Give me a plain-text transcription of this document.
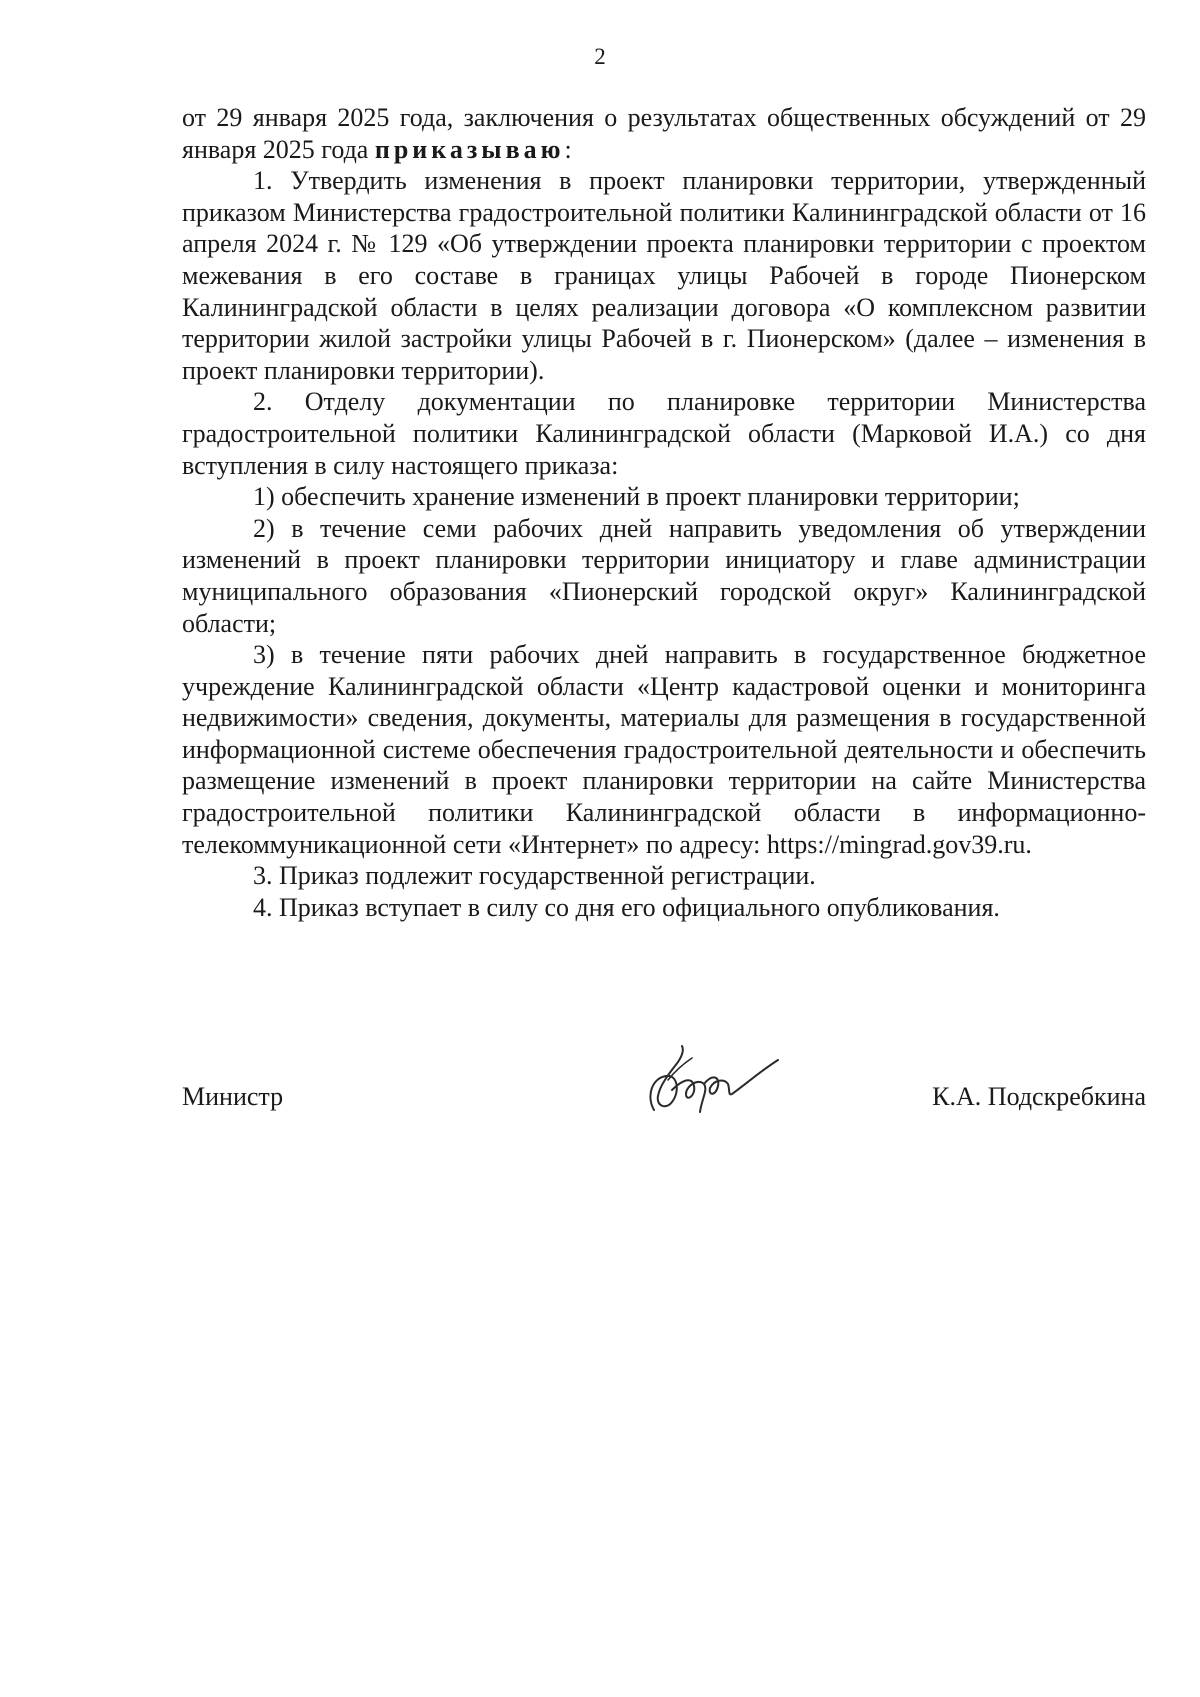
2

от 29 января 2025 года, заключения о результатах общественных обсуждений от 29 января 2025 года приказываю:

1. Утвердить изменения в проект планировки территории, утвержденный приказом Министерства градостроительной политики Калининградской области от 16 апреля 2024 г. № 129 «Об утверждении проекта планировки территории с проектом межевания в его составе в границах улицы Рабочей в городе Пионерском Калининградской области в целях реализации договора «О комплексном развитии территории жилой застройки улицы Рабочей в г. Пионерском» (далее – изменения в проект планировки территории).

2. Отделу документации по планировке территории Министерства градостроительной политики Калининградской области (Марковой И.А.) со дня вступления в силу настоящего приказа:

1) обеспечить хранение изменений в проект планировки территории;

2) в течение семи рабочих дней направить уведомления об утверждении изменений в проект планировки территории инициатору и главе администрации муниципального образования «Пионерский городской округ» Калининградской области;

3) в течение пяти рабочих дней направить в государственное бюджетное учреждение Калининградской области «Центр кадастровой оценки и мониторинга недвижимости» сведения, документы, материалы для размещения в государственной информационной системе обеспечения градостроительной деятельности и обеспечить размещение изменений в проект планировки территории на сайте Министерства градостроительной политики Калининградской области в информационно-телекоммуникационной сети «Интернет» по адресу: https://mingrad.gov39.ru.

3. Приказ подлежит государственной регистрации.

4. Приказ вступает в силу со дня его официального опубликования.

Министр	К.А. Подскребкина
